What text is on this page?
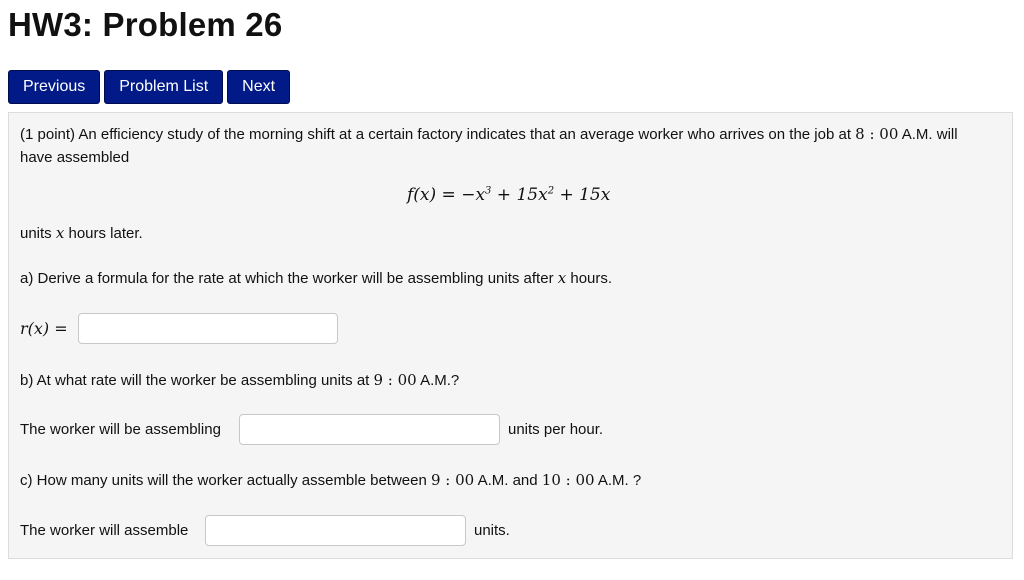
HW3: Problem 26
Previous	Problem List	Next
(1 point) An efficiency study of the morning shift at a certain factory indicates that an average worker who arrives on the job at 8 : 00 A.M. will
have assembled
$f(x) = -x^3 + 15x^2 + 15x$
units x hours later.
a) Derive a formula for the rate at which the worker will be assembling units after x hours.
r(x) =
b) At what rate will the worker be assembling units at 9 : 00 A.M.?
The worker will be assembling	units per hour.
c) How many units will the worker actually assemble between 9 : 00 A.M. and 10 : 00 A.M. ?
The worker will assemble	units.
